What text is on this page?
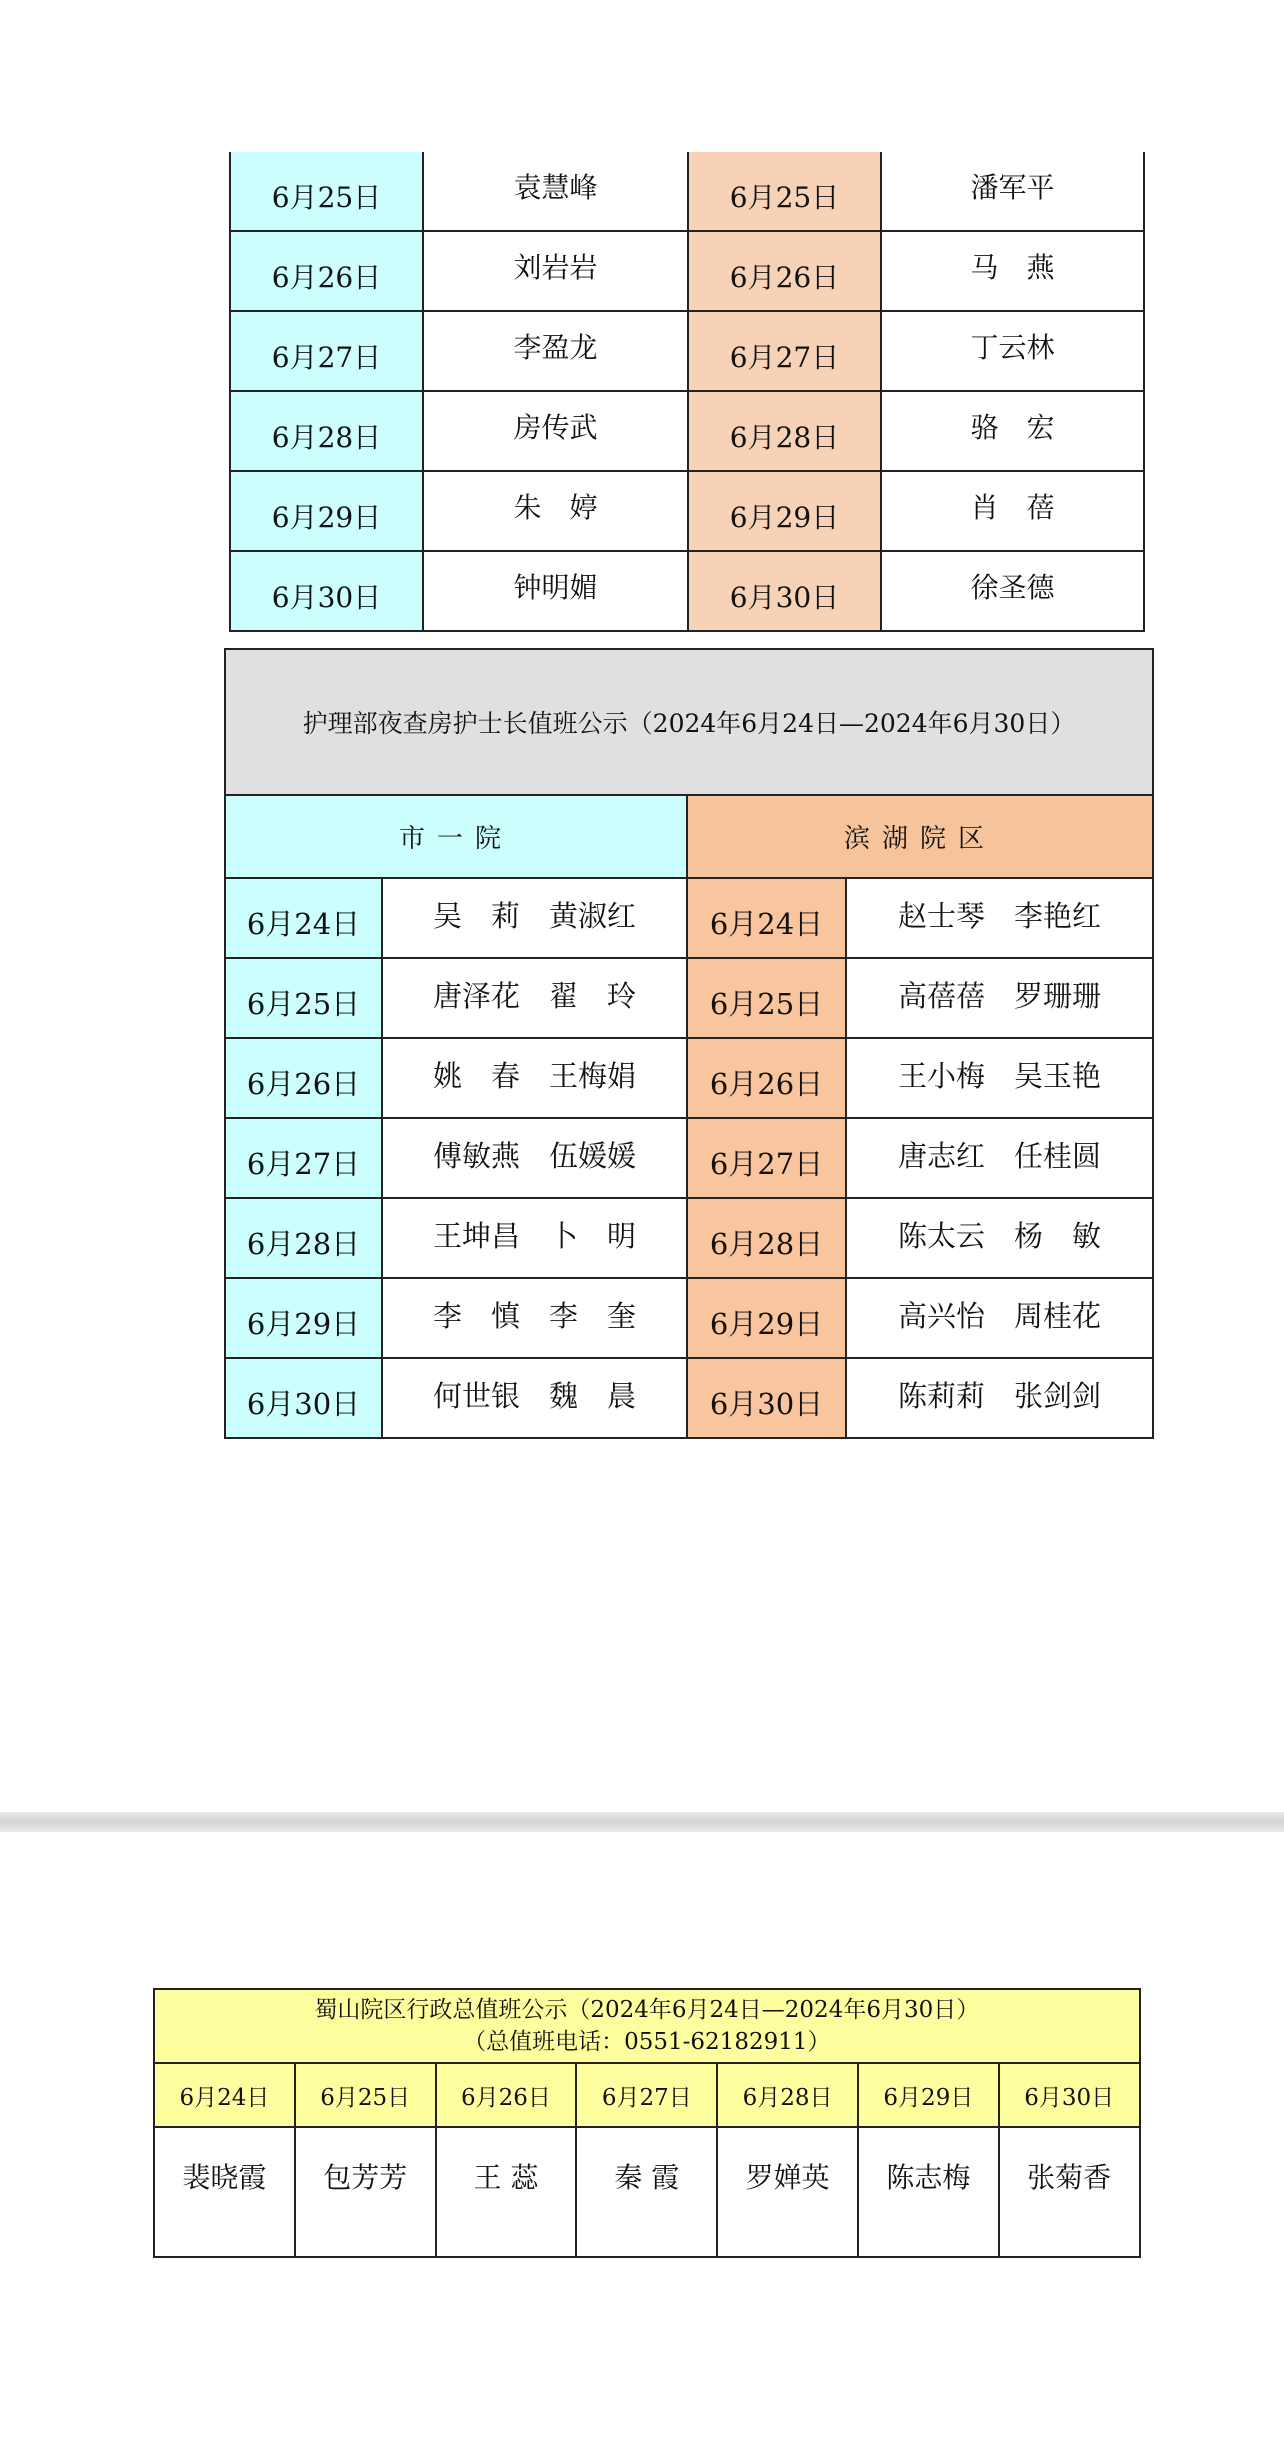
6月25日	袁慧峰	6月25日	潘军平
6月26日	刘岩岩	6月26日	马　燕
6月27日	李盈龙	6月27日	丁云林
6月28日	房传武	6月28日	骆　宏
6月29日	朱　婷	6月29日	肖　蓓
6月30日	钟明媚	6月30日	徐圣德
护理部夜查房护士长值班公示（2024年6月24日—2024年6月30日）			
市一院		滨湖院区	
6月24日	吴　莉　黄淑红	6月24日	赵士琴　李艳红
6月25日	唐泽花　翟　玲	6月25日	高蓓蓓　罗珊珊
6月26日	姚　春　王梅娟	6月26日	王小梅　吴玉艳
6月27日	傅敏燕　伍媛媛	6月27日	唐志红　任桂圆
6月28日	王坤昌　卜　明	6月28日	陈太云　杨　敏
6月29日	李　慎　李　奎	6月29日	高兴怡　周桂花
6月30日	何世银　魏　晨	6月30日	陈莉莉　张剑剑
蜀山院区行政总值班公示（2024年6月24日—2024年6月30日）
（总值班电话：0551-62182911）						

6月24日	6月25日	6月26日	6月27日	6月28日	6月29日	6月30日
裴晓霞	包芳芳	王 蕊	秦 霞	罗婵英	陈志梅	张菊香
